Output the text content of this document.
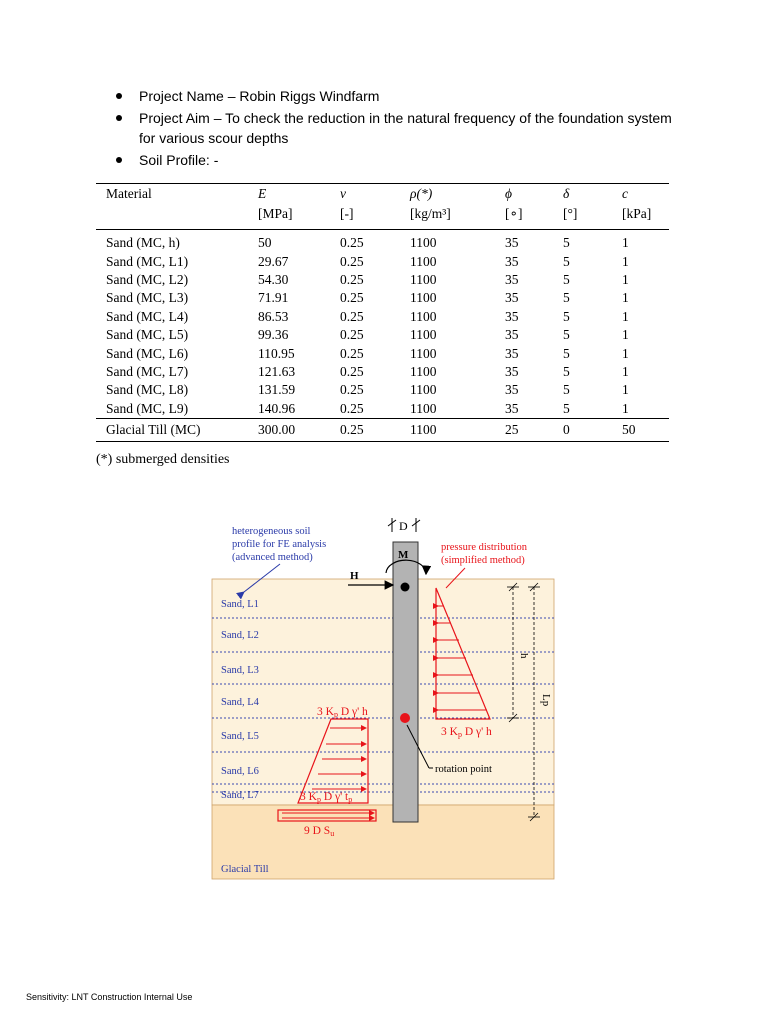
Project Name – Robin Riggs Windfarm
Project Aim – To check the reduction in the natural frequency of the foundation system for various scour depths
Soil Profile: -
Material	E	ν	ρ(*)	ϕ	δ	c
	[MPa]	[-]	[kg/m³]	[∘]	[°]	[kPa]
Sand (MC, h)	50	0.25	1100	35	5	1
Sand (MC, L1)	29.67	0.25	1100	35	5	1
Sand (MC, L2)	54.30	0.25	1100	35	5	1
Sand (MC, L3)	71.91	0.25	1100	35	5	1
Sand (MC, L4)	86.53	0.25	1100	35	5	1
Sand (MC, L5)	99.36	0.25	1100	35	5	1
Sand (MC, L6)	110.95	0.25	1100	35	5	1
Sand (MC, L7)	121.63	0.25	1100	35	5	1
Sand (MC, L8)	131.59	0.25	1100	35	5	1
Sand (MC, L9)	140.96	0.25	1100	35	5	1
Glacial Till (MC)	300.00	0.25	1100	25	0	50
(*) submerged densities
Sand, L1
Sand, L2
Sand, L3
Sand, L4
Sand, L5
Sand, L6
Sand, L7
Glacial Till
heterogeneous soil
profile for FE analysis
(advanced method)
pressure distribution
(simplified method)
D
M
H
rotation point
3 Kp D γ' h
3 Kp D γ' h
3 Kp D γ' tp
9 D Su
h
Lp
Sensitivity: LNT Construction Internal Use
